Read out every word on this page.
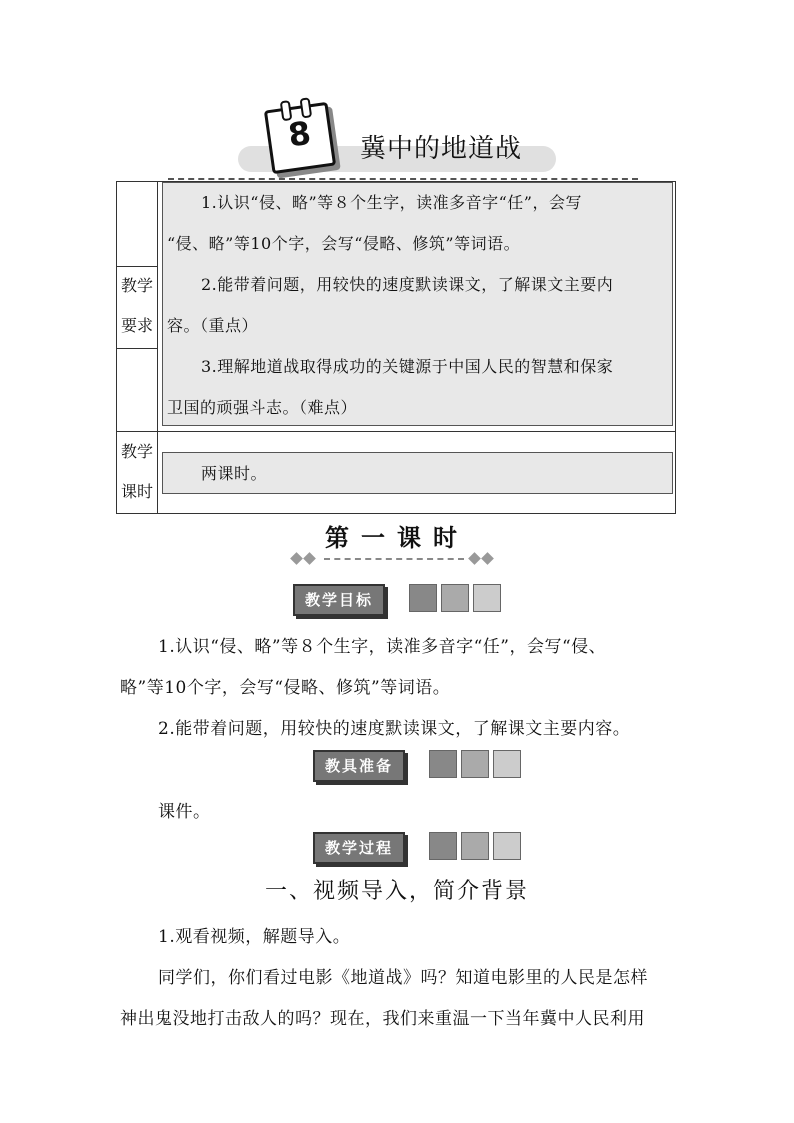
8	冀中的地道战
教学
要求
1.认识“侵、略”等８个生字，读准多音字“任”，会写
“侵、略”等10个字，会写“侵略、修筑”等词语。
2.能带着问题，用较快的速度默读课文，了解课文主要内
容。（重点）
3.理解地道战取得成功的关键源于中国人民的智慧和保家
卫国的顽强斗志。（难点）
教学
课时
两课时。
第一课时
教学目标
1.认识“侵、略”等８个生字，读准多音字“任”，会写“侵、
略”等10个字，会写“侵略、修筑”等词语。
2.能带着问题，用较快的速度默读课文，了解课文主要内容。
教具准备
课件。
教学过程
一、视频导入，简介背景
1.观看视频，解题导入。
同学们，你们看过电影《地道战》吗？知道电影里的人民是怎样
神出鬼没地打击敌人的吗？现在，我们来重温一下当年冀中人民利用
